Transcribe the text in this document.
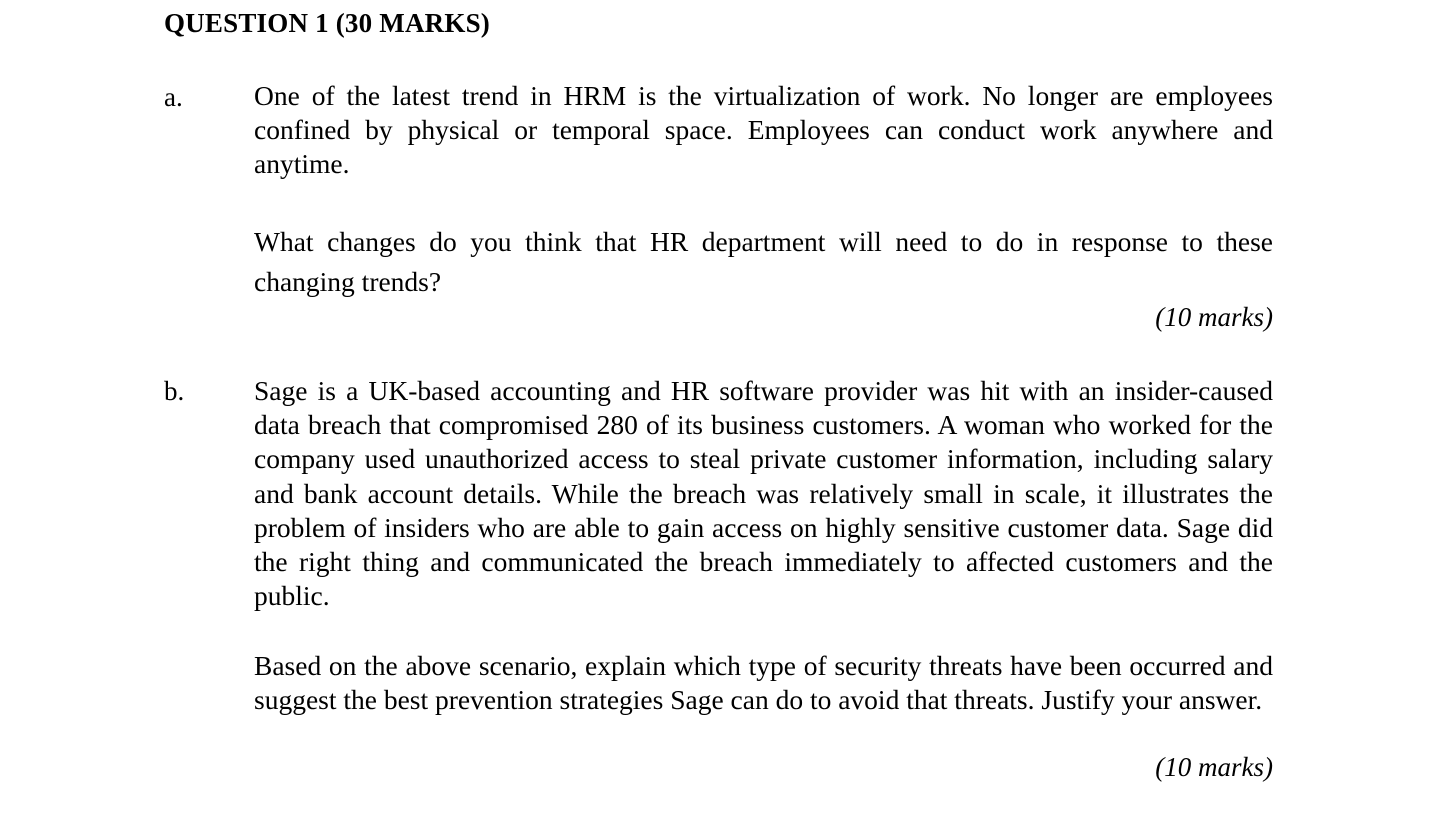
QUESTION 1 (30 MARKS)
a.	One of the latest trend in HRM is the virtualization of work. No longer are employees confined by physical or temporal space. Employees can conduct work anywhere and anytime.
What changes do you think that HR department will need to do in response to these changing trends?
(10 marks)
b.	Sage is a UK-based accounting and HR software provider was hit with an insider-caused data breach that compromised 280 of its business customers. A woman who worked for the company used unauthorized access to steal private customer information, including salary and bank account details. While the breach was relatively small in scale, it illustrates the problem of insiders who are able to gain access on highly sensitive customer data. Sage did the right thing and communicated the breach immediately to affected customers and the public.
Based on the above scenario, explain which type of security threats have been occurred and suggest the best prevention strategies Sage can do to avoid that threats. Justify your answer.
(10 marks)
